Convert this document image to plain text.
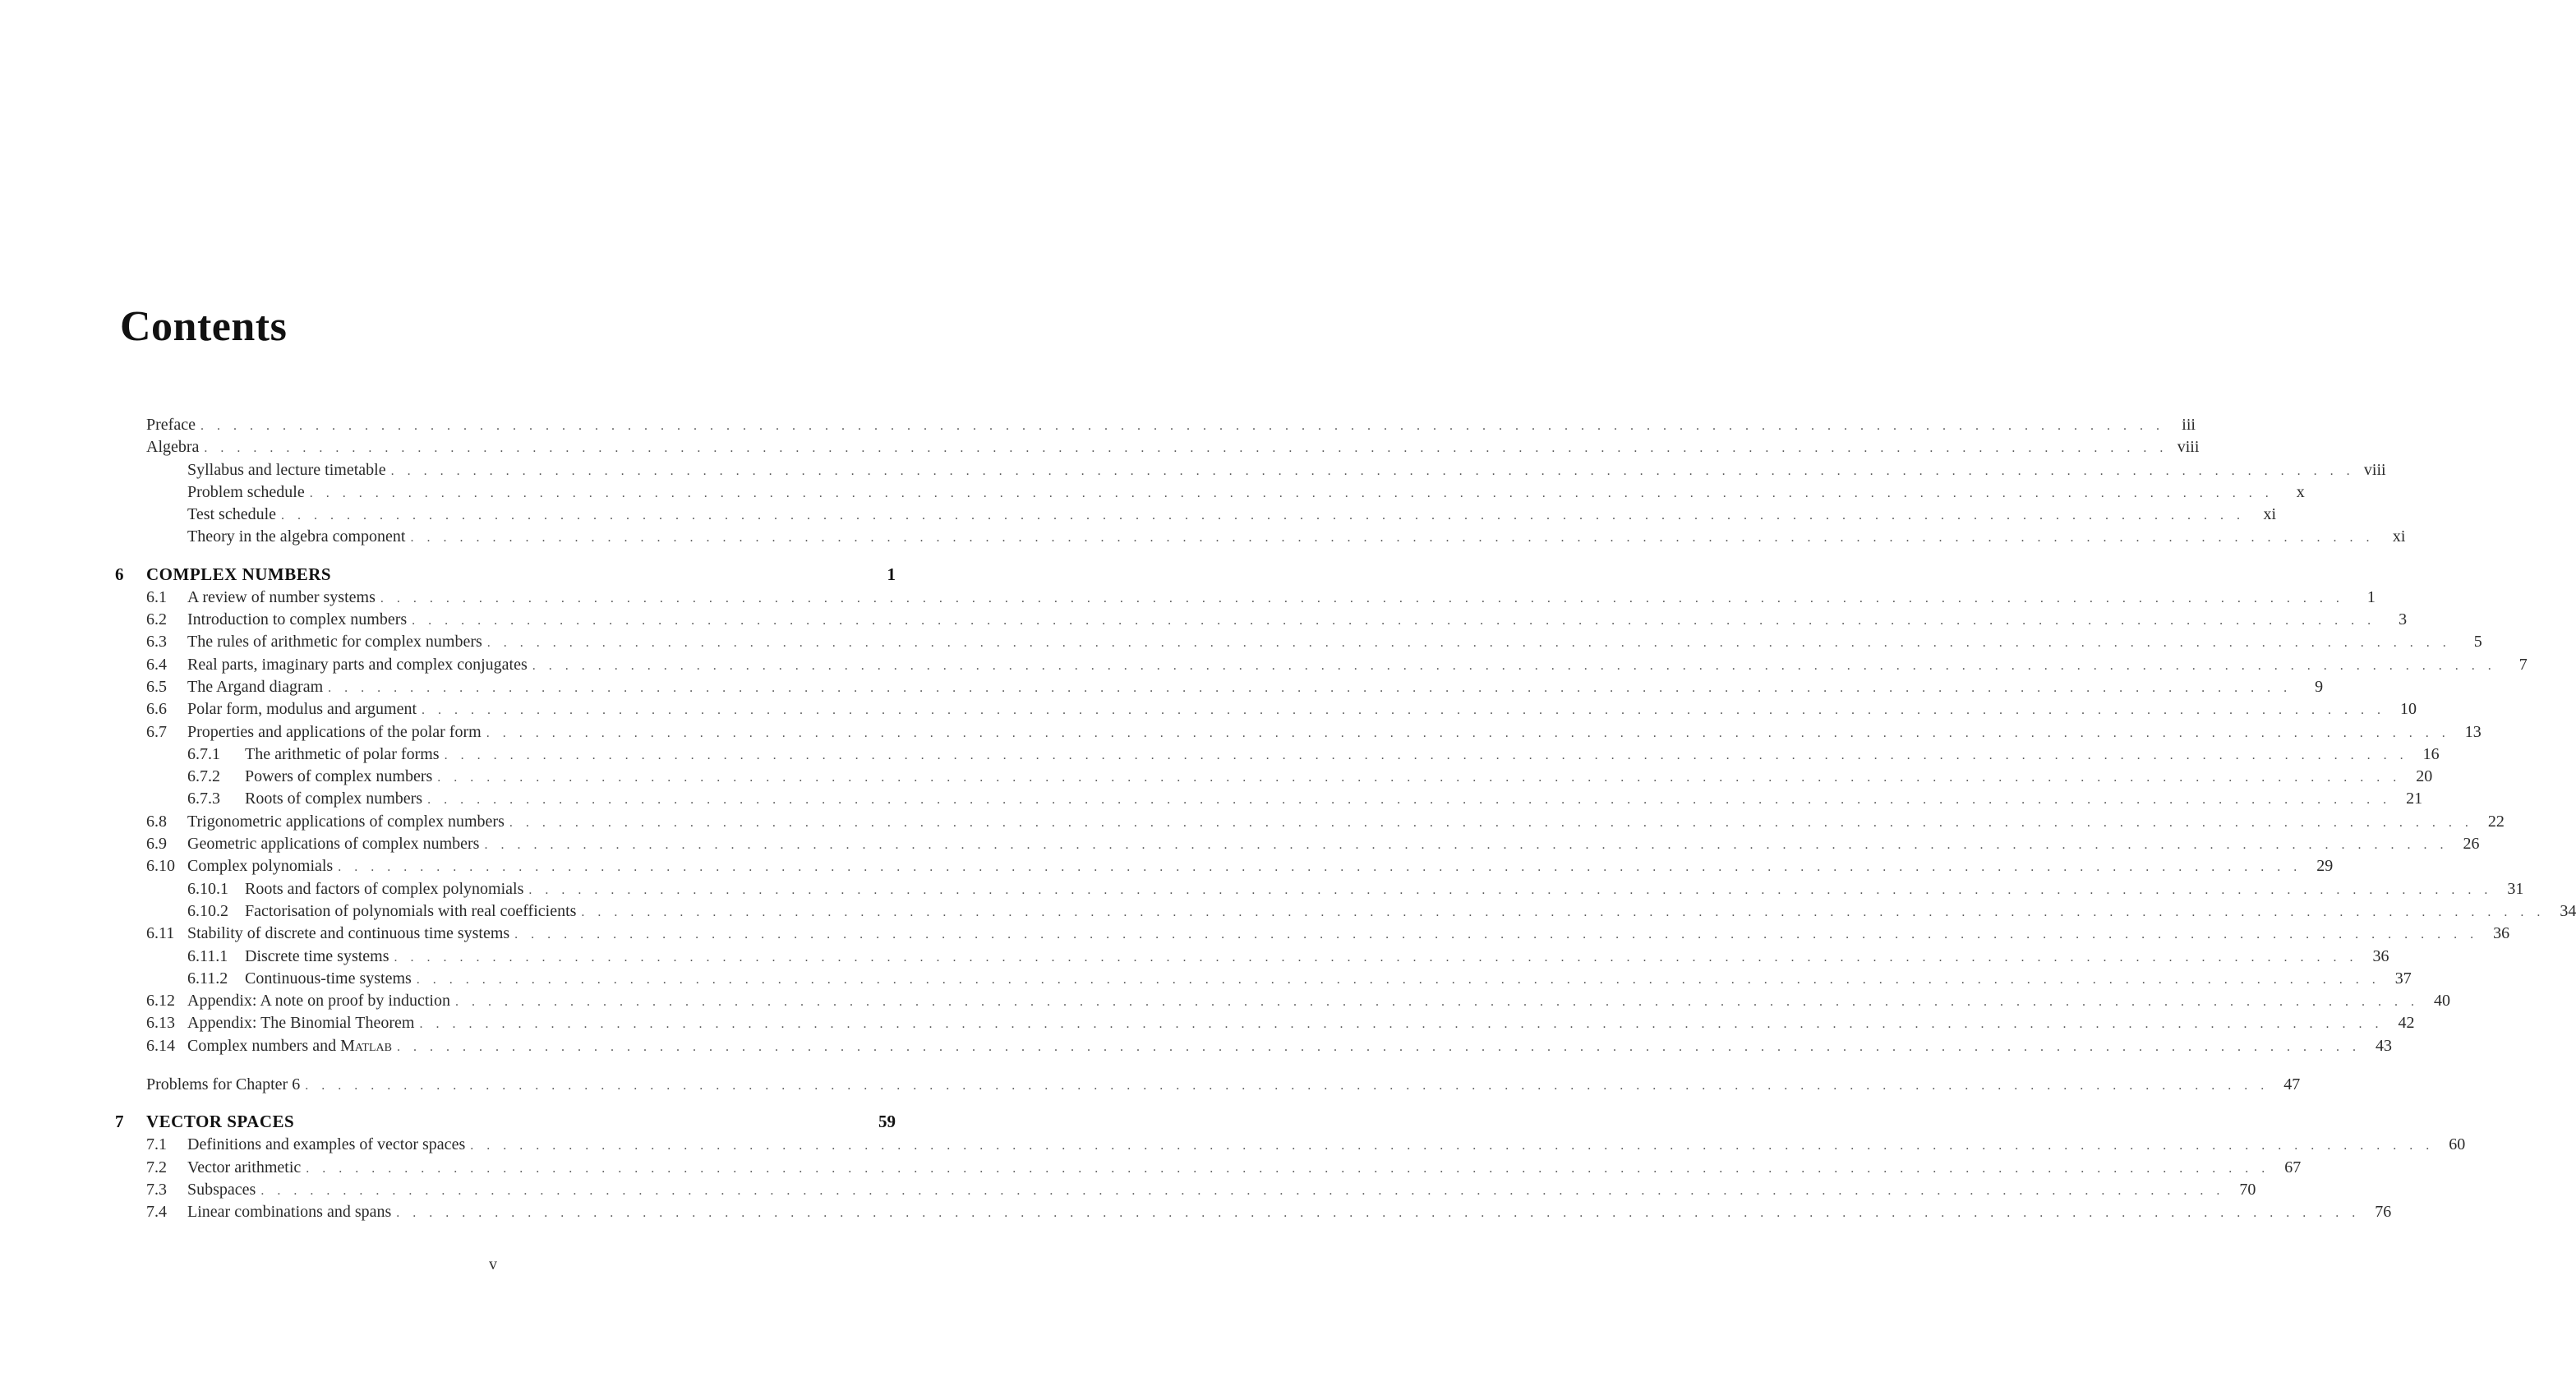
Contents
Preface . . . . . . . . . . . . . . . . . . . . . . . . . . . . . . . . . . . . . . . . . . . . . . . . . . . . . . . . . . . . . . . . . . . . . . . . . . . . . . . . . . . . . . . . . . . . . . . . . . . . . . . . . . . . . . . . . . . . . . . .	iii
Algebra . . . . . . . . . . . . . . . . . . . . . . . . . . . . . . . . . . . . . . . . . . . . . . . . . . . . . . . . . . . . . . . . . . . . . . . . . . . . . . . . . . . . . . . . . . . . . . . . . . . . . . . . . . . . . . . . . . . . . . . . viii
Syllabus and lecture timetable . . . . . . . . . . . . . . . . . . . . . . . . . . . . . . . . . . . . . . . . . . . . . . . . . . . . . . . . . . . . . . . . . . . . . . . . . . . . . . . . . . . . . . . . . . . . . . . . . . . . . . . . . . . . . . . . . . . . . . . . viii
Problem schedule . . . . . . . . . . . . . . . . . . . . . . . . . . . . . . . . . . . . . . . . . . . . . . . . . . . . . . . . . . . . . . . . . . . . . . . . . . . . . . . . . . . . . . . . . . . . . . . . . . . . . . . . . . . . . . . . . . . . . . . .	x
Test schedule . . . . . . . . . . . . . . . . . . . . . . . . . . . . . . . . . . . . . . . . . . . . . . . . . . . . . . . . . . . . . . . . . . . . . . . . . . . . . . . . . . . . . . . . . . . . . . . . . . . . . . . . . . . . . . . . . . . . . . . .	xi
Theory in the algebra component . . . . . . . . . . . . . . . . . . . . . . . . . . . . . . . . . . . . . . . . . . . . . . . . . . . . . . . . . . . . . . . . . . . . . . . . . . . . . . . . . . . . . . . . . . . . . . . . . . . . . . . . . . . . . . . . . . . . . . . .	xi
6	COMPLEX NUMBERS	1
6.1	A review of number systems . . . . . . . . . . . . . . . . . . . . . . . . . . . . . . . . . . . . . . . . . . . . . . . . . . . . . . . . . . . . . . . . . . . . . . . . . . . . . . . . . . . . . . . . . . . . . . . . . . . . . . . . . . . . . . . . . . . . . . . .	1
6.2	Introduction to complex numbers . . . . . . . . . . . . . . . . . . . . . . . . . . . . . . . . . . . . . . . . . . . . . . . . . . . . . . . . . . . . . . . . . . . . . . . . . . . . . . . . . . . . . . . . . . . . . . . . . . . . . . . . . . . . . . . . . . . . . . . .	3
6.3	The rules of arithmetic for complex numbers . . . . . . . . . . . . . . . . . . . . . . . . . . . . . . . . . . . . . . . . . . . . . . . . . . . . . . . . . . . . . . . . . . . . . . . . . . . . . . . . . . . . . . . . . . . . . . . . . . . . . . . . . . . . . . . . . . . . . . . .	5
6.4	Real parts, imaginary parts and complex conjugates . . . . . . . . . . . . . . . . . . . . . . . . . . . . . . . . . . . . . . . . . . . . . . . . . . . . . . . . . . . . . . . . . . . . . . . . . . . . . . . . . . . . . . . . . . . . . . . . . . . . . . . . . . . . . . . . . . . . . . . .	7
6.5	The Argand diagram . . . . . . . . . . . . . . . . . . . . . . . . . . . . . . . . . . . . . . . . . . . . . . . . . . . . . . . . . . . . . . . . . . . . . . . . . . . . . . . . . . . . . . . . . . . . . . . . . . . . . . . . . . . . . . . . . . . . . . . .	9
6.6	Polar form, modulus and argument . . . . . . . . . . . . . . . . . . . . . . . . . . . . . . . . . . . . . . . . . . . . . . . . . . . . . . . . . . . . . . . . . . . . . . . . . . . . . . . . . . . . . . . . . . . . . . . . . . . . . . . . . . . . . . . . . . . . . . . . 10
6.7	Properties and applications of the polar form . . . . . . . . . . . . . . . . . . . . . . . . . . . . . . . . . . . . . . . . . . . . . . . . . . . . . . . . . . . . . . . . . . . . . . . . . . . . . . . . . . . . . . . . . . . . . . . . . . . . . . . . . . . . . . . . . . . . . . . . 13
6.7.1	The arithmetic of polar forms . . . . . . . . . . . . . . . . . . . . . . . . . . . . . . . . . . . . . . . . . . . . . . . . . . . . . . . . . . . . . . . . . . . . . . . . . . . . . . . . . . . . . . . . . . . . . . . . . . . . . . . . . . . . . . . . . . . . . . . . 16
6.7.2	Powers of complex numbers . . . . . . . . . . . . . . . . . . . . . . . . . . . . . . . . . . . . . . . . . . . . . . . . . . . . . . . . . . . . . . . . . . . . . . . . . . . . . . . . . . . . . . . . . . . . . . . . . . . . . . . . . . . . . . . . . . . . . . . . 20
6.7.3	Roots of complex numbers . . . . . . . . . . . . . . . . . . . . . . . . . . . . . . . . . . . . . . . . . . . . . . . . . . . . . . . . . . . . . . . . . . . . . . . . . . . . . . . . . . . . . . . . . . . . . . . . . . . . . . . . . . . . . . . . . . . . . . . . 21
6.8	Trigonometric applications of complex numbers . . . . . . . . . . . . . . . . . . . . . . . . . . . . . . . . . . . . . . . . . . . . . . . . . . . . . . . . . . . . . . . . . . . . . . . . . . . . . . . . . . . . . . . . . . . . . . . . . . . . . . . . . . . . . . . . . . . . . . . . 22
6.9	Geometric applications of complex numbers . . . . . . . . . . . . . . . . . . . . . . . . . . . . . . . . . . . . . . . . . . . . . . . . . . . . . . . . . . . . . . . . . . . . . . . . . . . . . . . . . . . . . . . . . . . . . . . . . . . . . . . . . . . . . . . . . . . . . . . . 26
6.10 Complex polynomials . . . . . . . . . . . . . . . . . . . . . . . . . . . . . . . . . . . . . . . . . . . . . . . . . . . . . . . . . . . . . . . . . . . . . . . . . . . . . . . . . . . . . . . . . . . . . . . . . . . . . . . . . . . . . . . . . . . . . . . . 29
6.10.1	Roots and factors of complex polynomials . . . . . . . . . . . . . . . . . . . . . . . . . . . . . . . . . . . . . . . . . . . . . . . . . . . . . . . . . . . . . . . . . . . . . . . . . . . . . . . . . . . . . . . . . . . . . . . . . . . . . . . . . . . . . . . . . . . . . . . . 31
6.10.2	Factorisation of polynomials with real coefficients . . . . . . . . . . . . . . . . . . . . . . . . . . . . . . . . . . . . . . . . . . . . . . . . . . . . . . . . . . . . . . . . . . . . . . . . . . . . . . . . . . . . . . . . . . . . . . . . . . . . . . . . . . . . . . . . . . . . . . . . 34
6.11 Stability of discrete and continuous time systems . . . . . . . . . . . . . . . . . . . . . . . . . . . . . . . . . . . . . . . . . . . . . . . . . . . . . . . . . . . . . . . . . . . . . . . . . . . . . . . . . . . . . . . . . . . . . . . . . . . . . . . . . . . . . . . . . . . . . . . . 36
6.11.1	Discrete time systems . . . . . . . . . . . . . . . . . . . . . . . . . . . . . . . . . . . . . . . . . . . . . . . . . . . . . . . . . . . . . . . . . . . . . . . . . . . . . . . . . . . . . . . . . . . . . . . . . . . . . . . . . . . . . . . . . . . . . . . . 36
6.11.2	Continuous-time systems . . . . . . . . . . . . . . . . . . . . . . . . . . . . . . . . . . . . . . . . . . . . . . . . . . . . . . . . . . . . . . . . . . . . . . . . . . . . . . . . . . . . . . . . . . . . . . . . . . . . . . . . . . . . . . . . . . . . . . . . 37
6.12 Appendix: A note on proof by induction . . . . . . . . . . . . . . . . . . . . . . . . . . . . . . . . . . . . . . . . . . . . . . . . . . . . . . . . . . . . . . . . . . . . . . . . . . . . . . . . . . . . . . . . . . . . . . . . . . . . . . . . . . . . . . . . . . . . . . . . 40
6.13 Appendix: The Binomial Theorem . . . . . . . . . . . . . . . . . . . . . . . . . . . . . . . . . . . . . . . . . . . . . . . . . . . . . . . . . . . . . . . . . . . . . . . . . . . . . . . . . . . . . . . . . . . . . . . . . . . . . . . . . . . . . . . . . . . . . . . . 42
6.14 Complex numbers and Matlab . . . . . . . . . . . . . . . . . . . . . . . . . . . . . . . . . . . . . . . . . . . . . . . . . . . . . . . . . . . . . . . . . . . . . . . . . . . . . . . . . . . . . . . . . . . . . . . . . . . . . . . . . . . . . . . . . . . . . . . . 43
Problems for Chapter 6 . . . . . . . . . . . . . . . . . . . . . . . . . . . . . . . . . . . . . . . . . . . . . . . . . . . . . . . . . . . . . . . . . . . . . . . . . . . . . . . . . . . . . . . . . . . . . . . . . . . . . . . . . . . . . . . . . . . . . . . . 47
7	VECTOR SPACES	59
7.1	Definitions and examples of vector spaces . . . . . . . . . . . . . . . . . . . . . . . . . . . . . . . . . . . . . . . . . . . . . . . . . . . . . . . . . . . . . . . . . . . . . . . . . . . . . . . . . . . . . . . . . . . . . . . . . . . . . . . . . . . . . . . . . . . . . . . . 60
7.2	Vector arithmetic . . . . . . . . . . . . . . . . . . . . . . . . . . . . . . . . . . . . . . . . . . . . . . . . . . . . . . . . . . . . . . . . . . . . . . . . . . . . . . . . . . . . . . . . . . . . . . . . . . . . . . . . . . . . . . . . . . . . . . . . 67
7.3	Subspaces . . . . . . . . . . . . . . . . . . . . . . . . . . . . . . . . . . . . . . . . . . . . . . . . . . . . . . . . . . . . . . . . . . . . . . . . . . . . . . . . . . . . . . . . . . . . . . . . . . . . . . . . . . . . . . . . . . . . . . . . 70
7.4	Linear combinations and spans . . . . . . . . . . . . . . . . . . . . . . . . . . . . . . . . . . . . . . . . . . . . . . . . . . . . . . . . . . . . . . . . . . . . . . . . . . . . . . . . . . . . . . . . . . . . . . . . . . . . . . . . . . . . . . . . . . . . . . . . 76
v
